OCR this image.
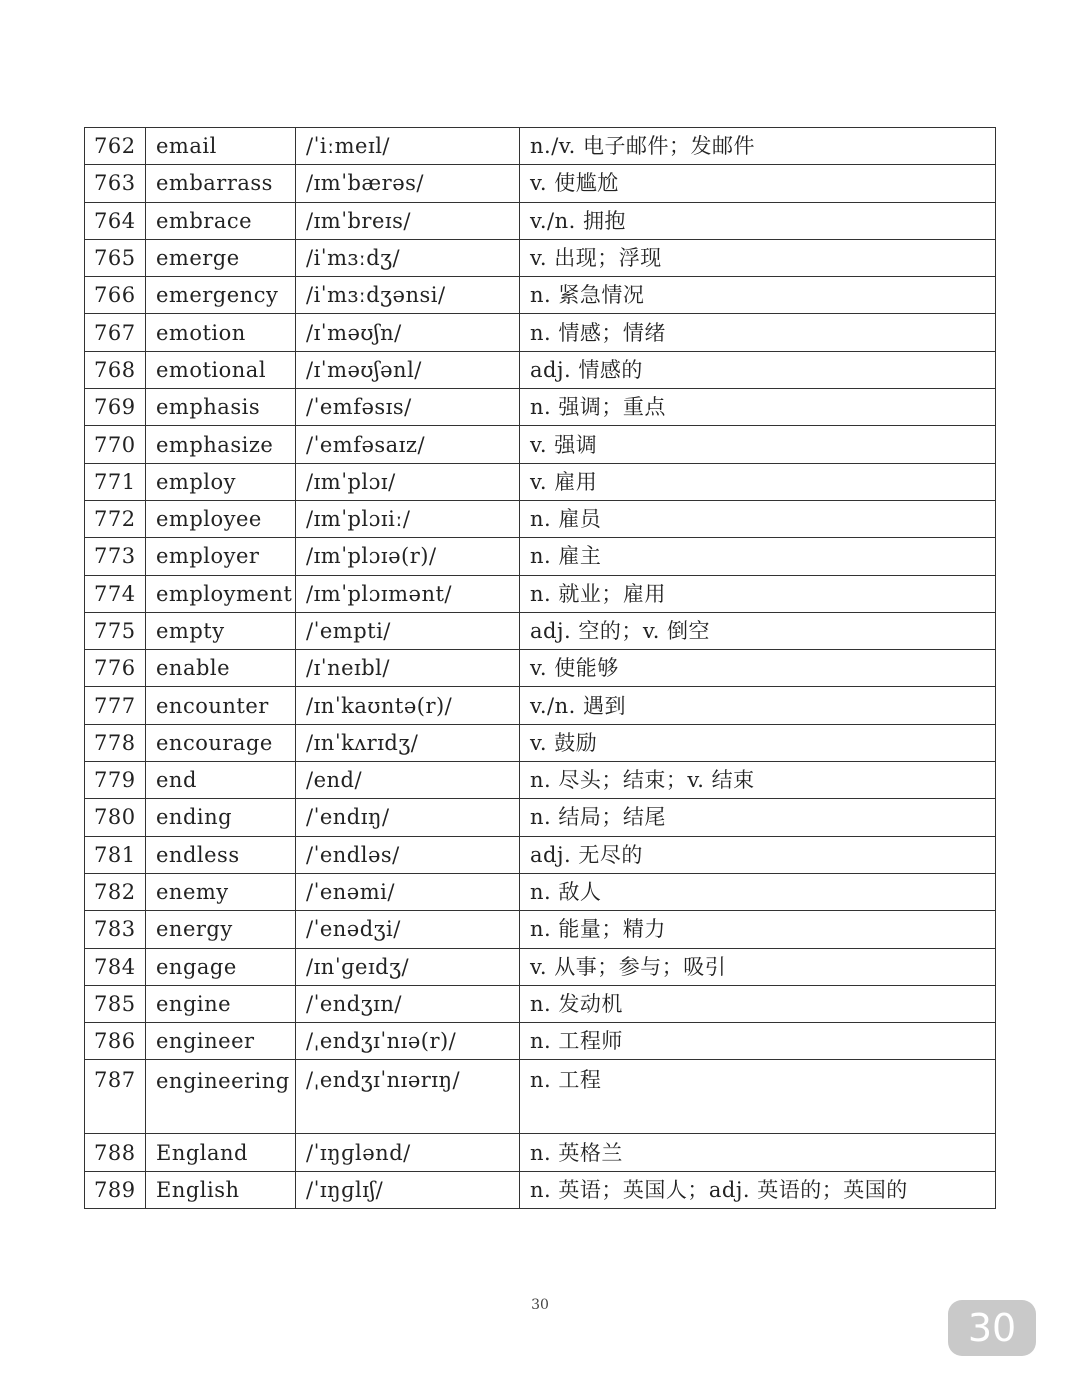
762	email	/ˈiːmeɪl/	n./v. 电子邮件；发邮件
763	embarrass	/ɪmˈbærəs/	v. 使尴尬
764	embrace	/ɪmˈbreɪs/	v./n. 拥抱
765	emerge	/iˈmɜːdʒ/	v. 出现；浮现
766	emergency	/iˈmɜːdʒənsi/	n. 紧急情况
767	emotion	/ɪˈməʊʃn/	n. 情感；情绪
768	emotional	/ɪˈməʊʃənl/	adj. 情感的
769	emphasis	/ˈemfəsɪs/	n. 强调；重点
770	emphasize	/ˈemfəsaɪz/	v. 强调
771	employ	/ɪmˈplɔɪ/	v. 雇用
772	employee	/ɪmˈplɔɪiː/	n. 雇员
773	employer	/ɪmˈplɔɪə(r)/	n. 雇主
774	employment	/ɪmˈplɔɪmənt/	n. 就业；雇用
775	empty	/ˈempti/	adj. 空的；v. 倒空
776	enable	/ɪˈneɪbl/	v. 使能够
777	encounter	/ɪnˈkaʊntə(r)/	v./n. 遇到
778	encourage	/ɪnˈkʌrɪdʒ/	v. 鼓励
779	end	/end/	n. 尽头；结束；v. 结束
780	ending	/ˈendɪŋ/	n. 结局；结尾
781	endless	/ˈendləs/	adj. 无尽的
782	enemy	/ˈenəmi/	n. 敌人
783	energy	/ˈenədʒi/	n. 能量；精力
784	engage	/ɪnˈɡeɪdʒ/	v. 从事；参与；吸引
785	engine	/ˈendʒɪn/	n. 发动机
786	engineer	/ˌendʒɪˈnɪə(r)/	n. 工程师
787	engineering	/ˌendʒɪˈnɪərɪŋ/	n. 工程
788	England	/ˈɪŋɡlənd/	n. 英格兰
789	English	/ˈɪŋɡlɪʃ/	n. 英语；英国人；adj. 英语的；英国的
30
30
